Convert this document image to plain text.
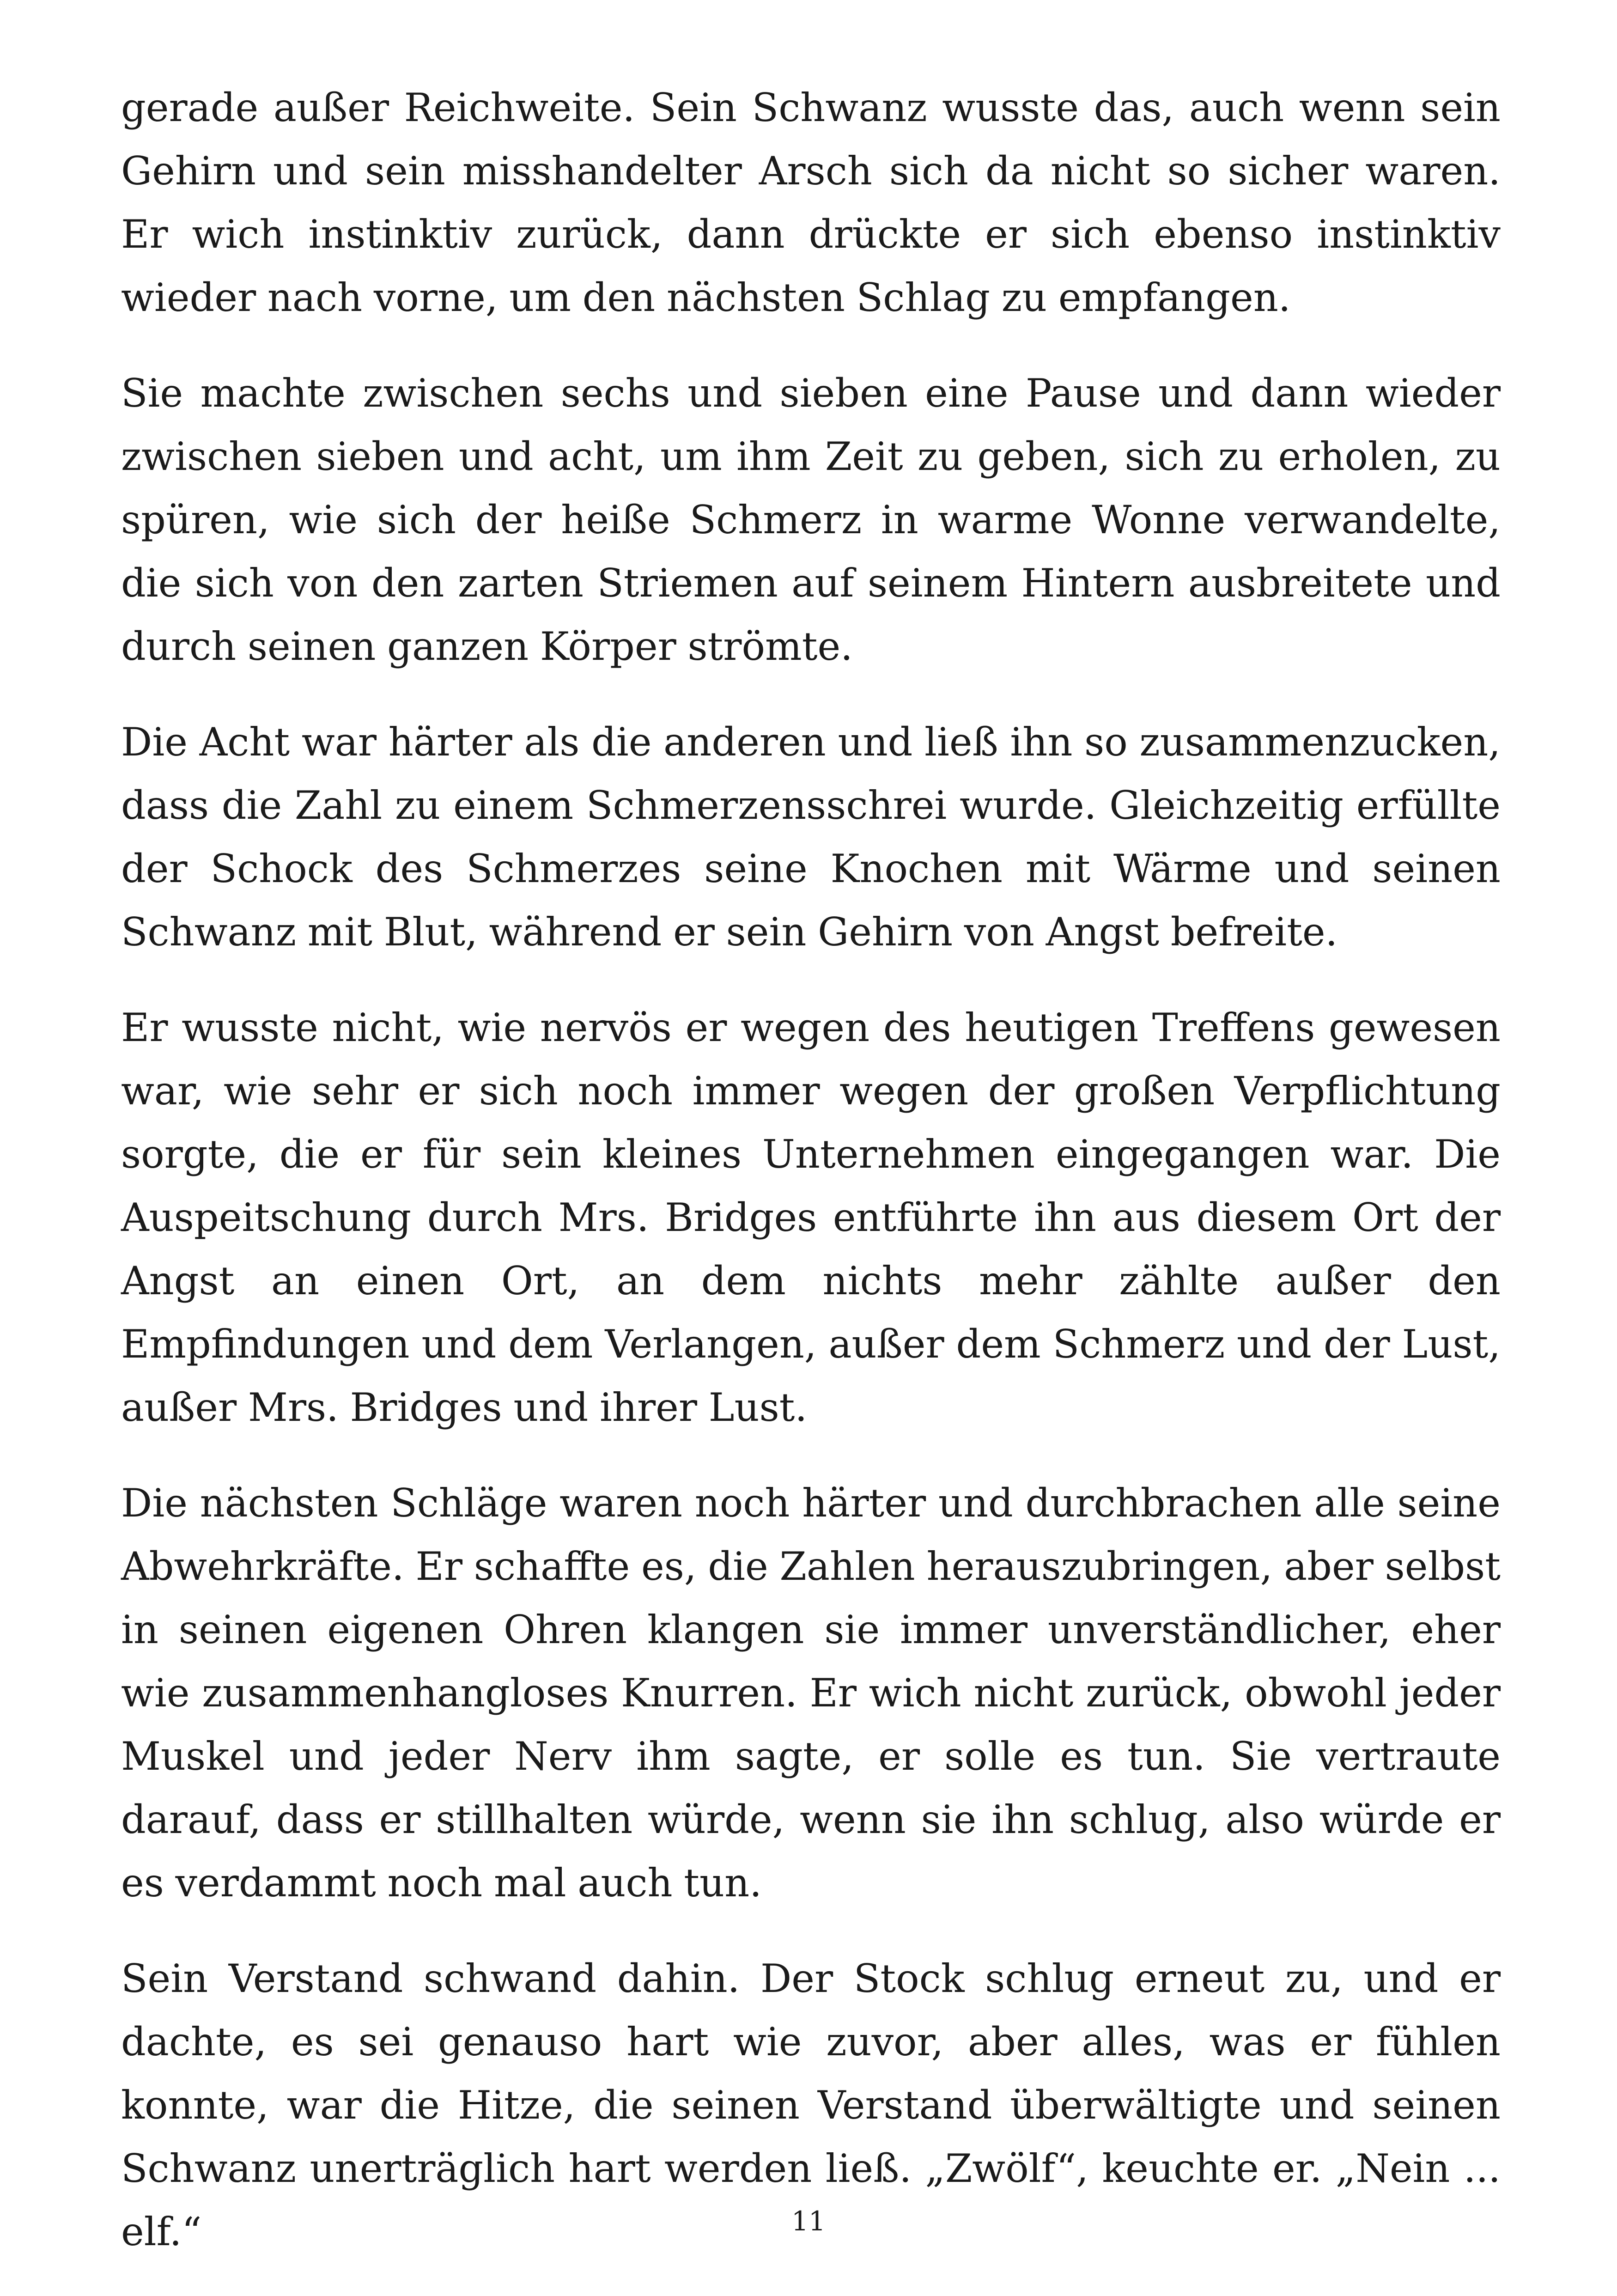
gerade außer Reichweite. Sein Schwanz wusste das, auch wenn sein Gehirn und sein misshandelter Arsch sich da nicht so sicher waren. Er wich instinktiv zurück, dann drückte er sich ebenso instinktiv wieder nach vorne, um den nächsten Schlag zu empfangen.

Sie machte zwischen sechs und sieben eine Pause und dann wieder zwischen sieben und acht, um ihm Zeit zu geben, sich zu erholen, zu spüren, wie sich der heiße Schmerz in warme Wonne verwandelte, die sich von den zarten Striemen auf seinem Hintern ausbreitete und durch seinen ganzen Körper strömte.

Die Acht war härter als die anderen und ließ ihn so zusammenzucken, dass die Zahl zu einem Schmerzensschrei wurde. Gleichzeitig erfüllte der Schock des Schmerzes seine Knochen mit Wärme und seinen Schwanz mit Blut, während er sein Gehirn von Angst befreite.

Er wusste nicht, wie nervös er wegen des heutigen Treffens gewesen war, wie sehr er sich noch immer wegen der großen Verpflichtung sorgte, die er für sein kleines Unternehmen eingegangen war. Die Auspeitschung durch Mrs. Bridges entführte ihn aus diesem Ort der Angst an einen Ort, an dem nichts mehr zählte außer den Empfindungen und dem Verlangen, außer dem Schmerz und der Lust, außer Mrs. Bridges und ihrer Lust.

Die nächsten Schläge waren noch härter und durchbrachen alle seine Abwehrkräfte. Er schaffte es, die Zahlen herauszubringen, aber selbst in seinen eigenen Ohren klangen sie immer unverständlicher, eher wie zusammenhangloses Knurren. Er wich nicht zurück, obwohl jeder Muskel und jeder Nerv ihm sagte, er solle es tun. Sie vertraute darauf, dass er stillhalten würde, wenn sie ihn schlug, also würde er es verdammt noch mal auch tun.

Sein Verstand schwand dahin. Der Stock schlug erneut zu, und er dachte, es sei genauso hart wie zuvor, aber alles, was er fühlen konnte, war die Hitze, die seinen Verstand überwältigte und seinen Schwanz unerträglich hart werden ließ. „Zwölf“, keuchte er. „Nein ... elf.“	11
